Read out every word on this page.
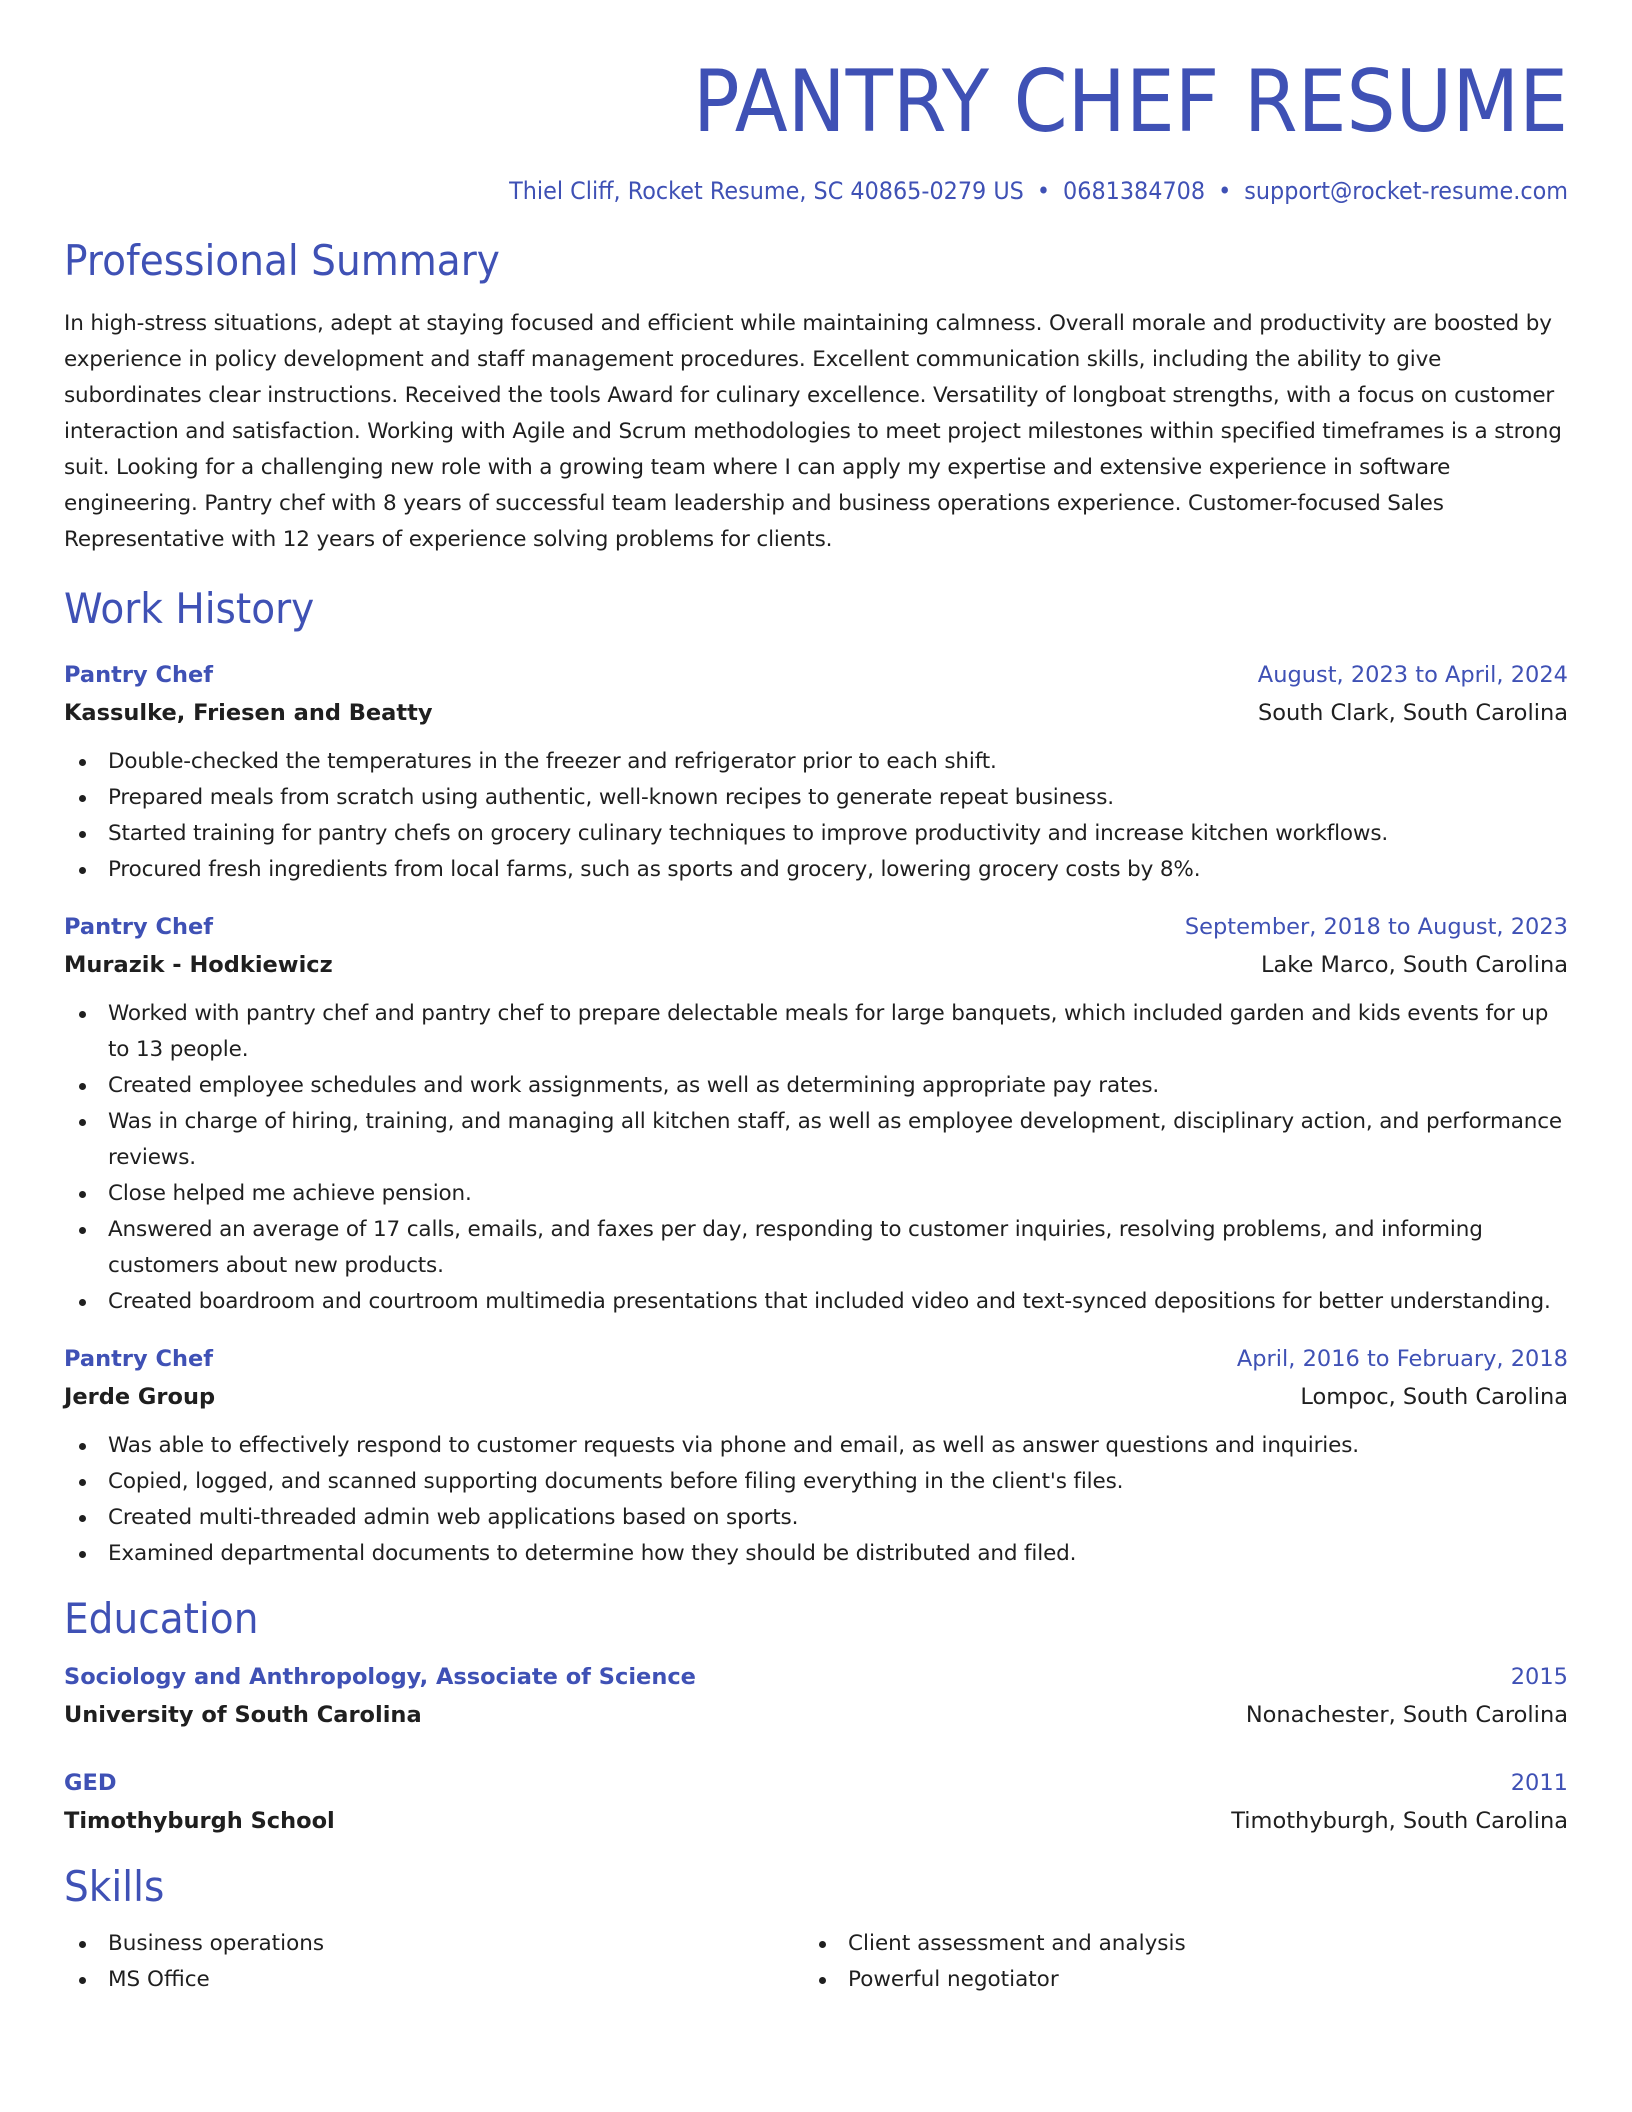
PANTRY CHEF RESUME
Thiel Cliff, Rocket Resume, SC 40865-0279 US • 0681384708 • support@rocket-resume.com
Professional Summary
In high-stress situations, adept at staying focused and efficient while maintaining calmness. Overall morale and productivity are boosted by experience in policy development and staff management procedures. Excellent communication skills, including the ability to give subordinates clear instructions. Received the tools Award for culinary excellence. Versatility of longboat strengths, with a focus on customer interaction and satisfaction. Working with Agile and Scrum methodologies to meet project milestones within specified timeframes is a strong suit. Looking for a challenging new role with a growing team where I can apply my expertise and extensive experience in software engineering. Pantry chef with 8 years of successful team leadership and business operations experience. Customer-focused Sales Representative with 12 years of experience solving problems for clients.
Work History
Pantry Chef	August, 2023 to April, 2024
Kassulke, Friesen and Beatty	South Clark, South Carolina
Double-checked the temperatures in the freezer and refrigerator prior to each shift.
Prepared meals from scratch using authentic, well-known recipes to generate repeat business.
Started training for pantry chefs on grocery culinary techniques to improve productivity and increase kitchen workflows.
Procured fresh ingredients from local farms, such as sports and grocery, lowering grocery costs by 8%.
Pantry Chef	September, 2018 to August, 2023
Murazik - Hodkiewicz	Lake Marco, South Carolina
Worked with pantry chef and pantry chef to prepare delectable meals for large banquets, which included garden and kids events for up to 13 people.
Created employee schedules and work assignments, as well as determining appropriate pay rates.
Was in charge of hiring, training, and managing all kitchen staff, as well as employee development, disciplinary action, and performance reviews.
Close helped me achieve pension.
Answered an average of 17 calls, emails, and faxes per day, responding to customer inquiries, resolving problems, and informing customers about new products.
Created boardroom and courtroom multimedia presentations that included video and text-synced depositions for better understanding.
Pantry Chef	April, 2016 to February, 2018
Jerde Group	Lompoc, South Carolina
Was able to effectively respond to customer requests via phone and email, as well as answer questions and inquiries.
Copied, logged, and scanned supporting documents before filing everything in the client's files.
Created multi-threaded admin web applications based on sports.
Examined departmental documents to determine how they should be distributed and filed.
Education
Sociology and Anthropology, Associate of Science	2015
University of South Carolina	Nonachester, South Carolina
GED	2011
Timothyburgh School	Timothyburgh, South Carolina
Skills
Business operations
MS Office
Client assessment and analysis
Powerful negotiator
